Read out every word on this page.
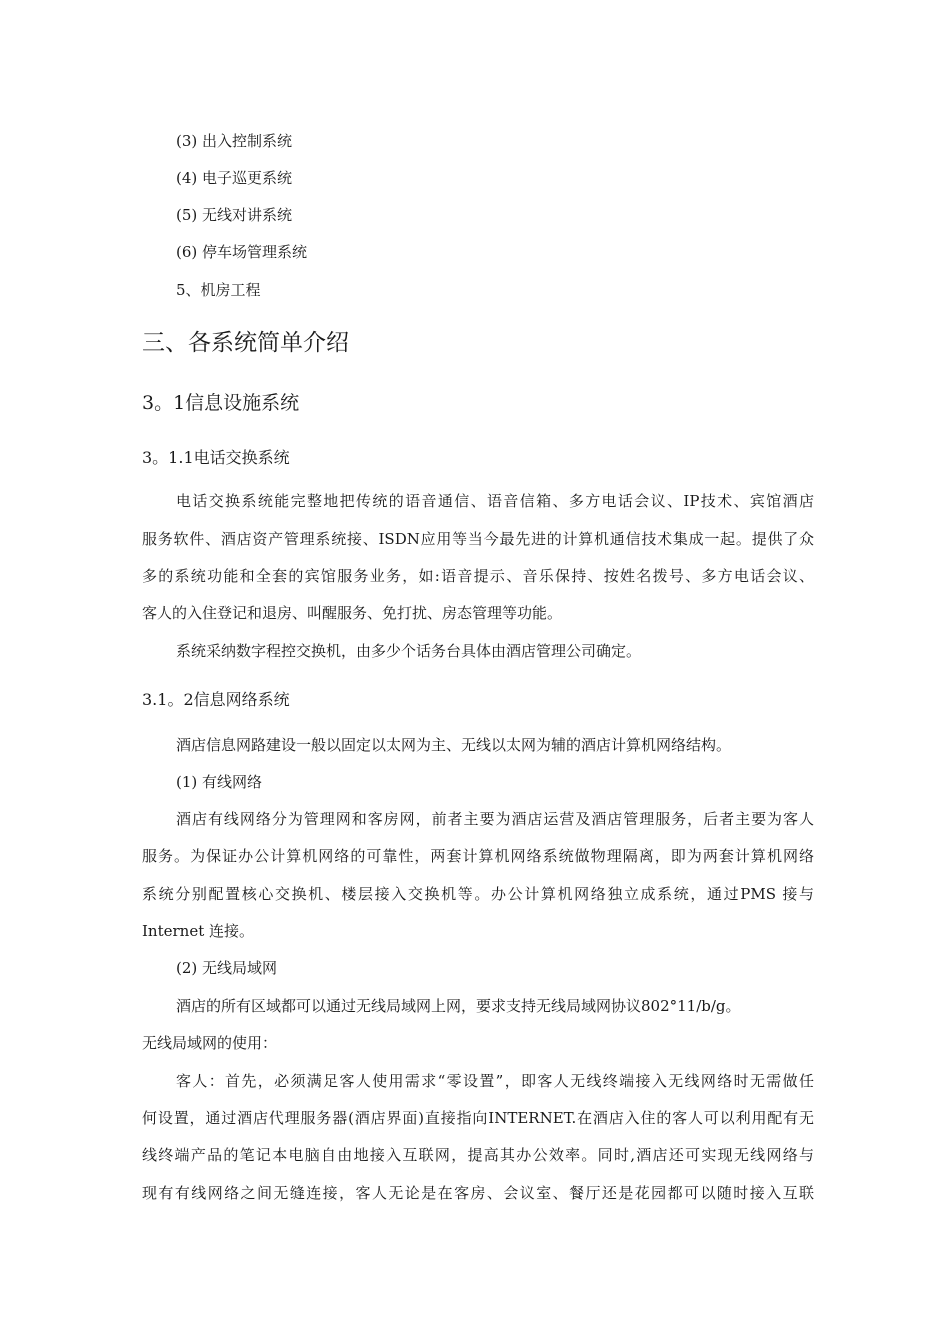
(3) 出入控制系统
(4) 电子巡更系统
(5) 无线对讲系统
(6) 停车场管理系统
5、机房工程
三、各系统简单介绍
3。1信息设施系统
3。1.1电话交换系统
电话交换系统能完整地把传统的语音通信、语音信箱、多方电话会议、IP技术、宾馆酒店
服务软件、酒店资产管理系统接、ISDN应用等当今最先进的计算机通信技术集成一起。提供了众
多的系统功能和全套的宾馆服务业务，如:语音提示、音乐保持、按姓名拨号、多方电话会议、
客人的入住登记和退房、叫醒服务、免打扰、房态管理等功能。
系统采纳数字程控交换机，由多少个话务台具体由酒店管理公司确定。
3.1。2信息网络系统
酒店信息网路建设一般以固定以太网为主、无线以太网为辅的酒店计算机网络结构。
(1) 有线网络
酒店有线网络分为管理网和客房网，前者主要为酒店运营及酒店管理服务，后者主要为客人
服务。为保证办公计算机网络的可靠性，两套计算机网络系统做物理隔离，即为两套计算机网络
系统分别配置核心交换机、楼层接入交换机等。办公计算机网络独立成系统，通过PMS 接与
Internet 连接。
(2) 无线局域网
酒店的所有区域都可以通过无线局域网上网，要求支持无线局域网协议802°11/b/g。
无线局域网的使用：
客人：首先，必须满足客人使用需求“零设置”，即客人无线终端接入无线网络时无需做任
何设置，通过酒店代理服务器(酒店界面)直接指向INTERNET.在酒店入住的客人可以利用配有无
线终端产品的笔记本电脑自由地接入互联网，提高其办公效率。同时,酒店还可实现无线网络与
现有有线网络之间无缝连接，客人无论是在客房、会议室、餐厅还是花园都可以随时接入互联
